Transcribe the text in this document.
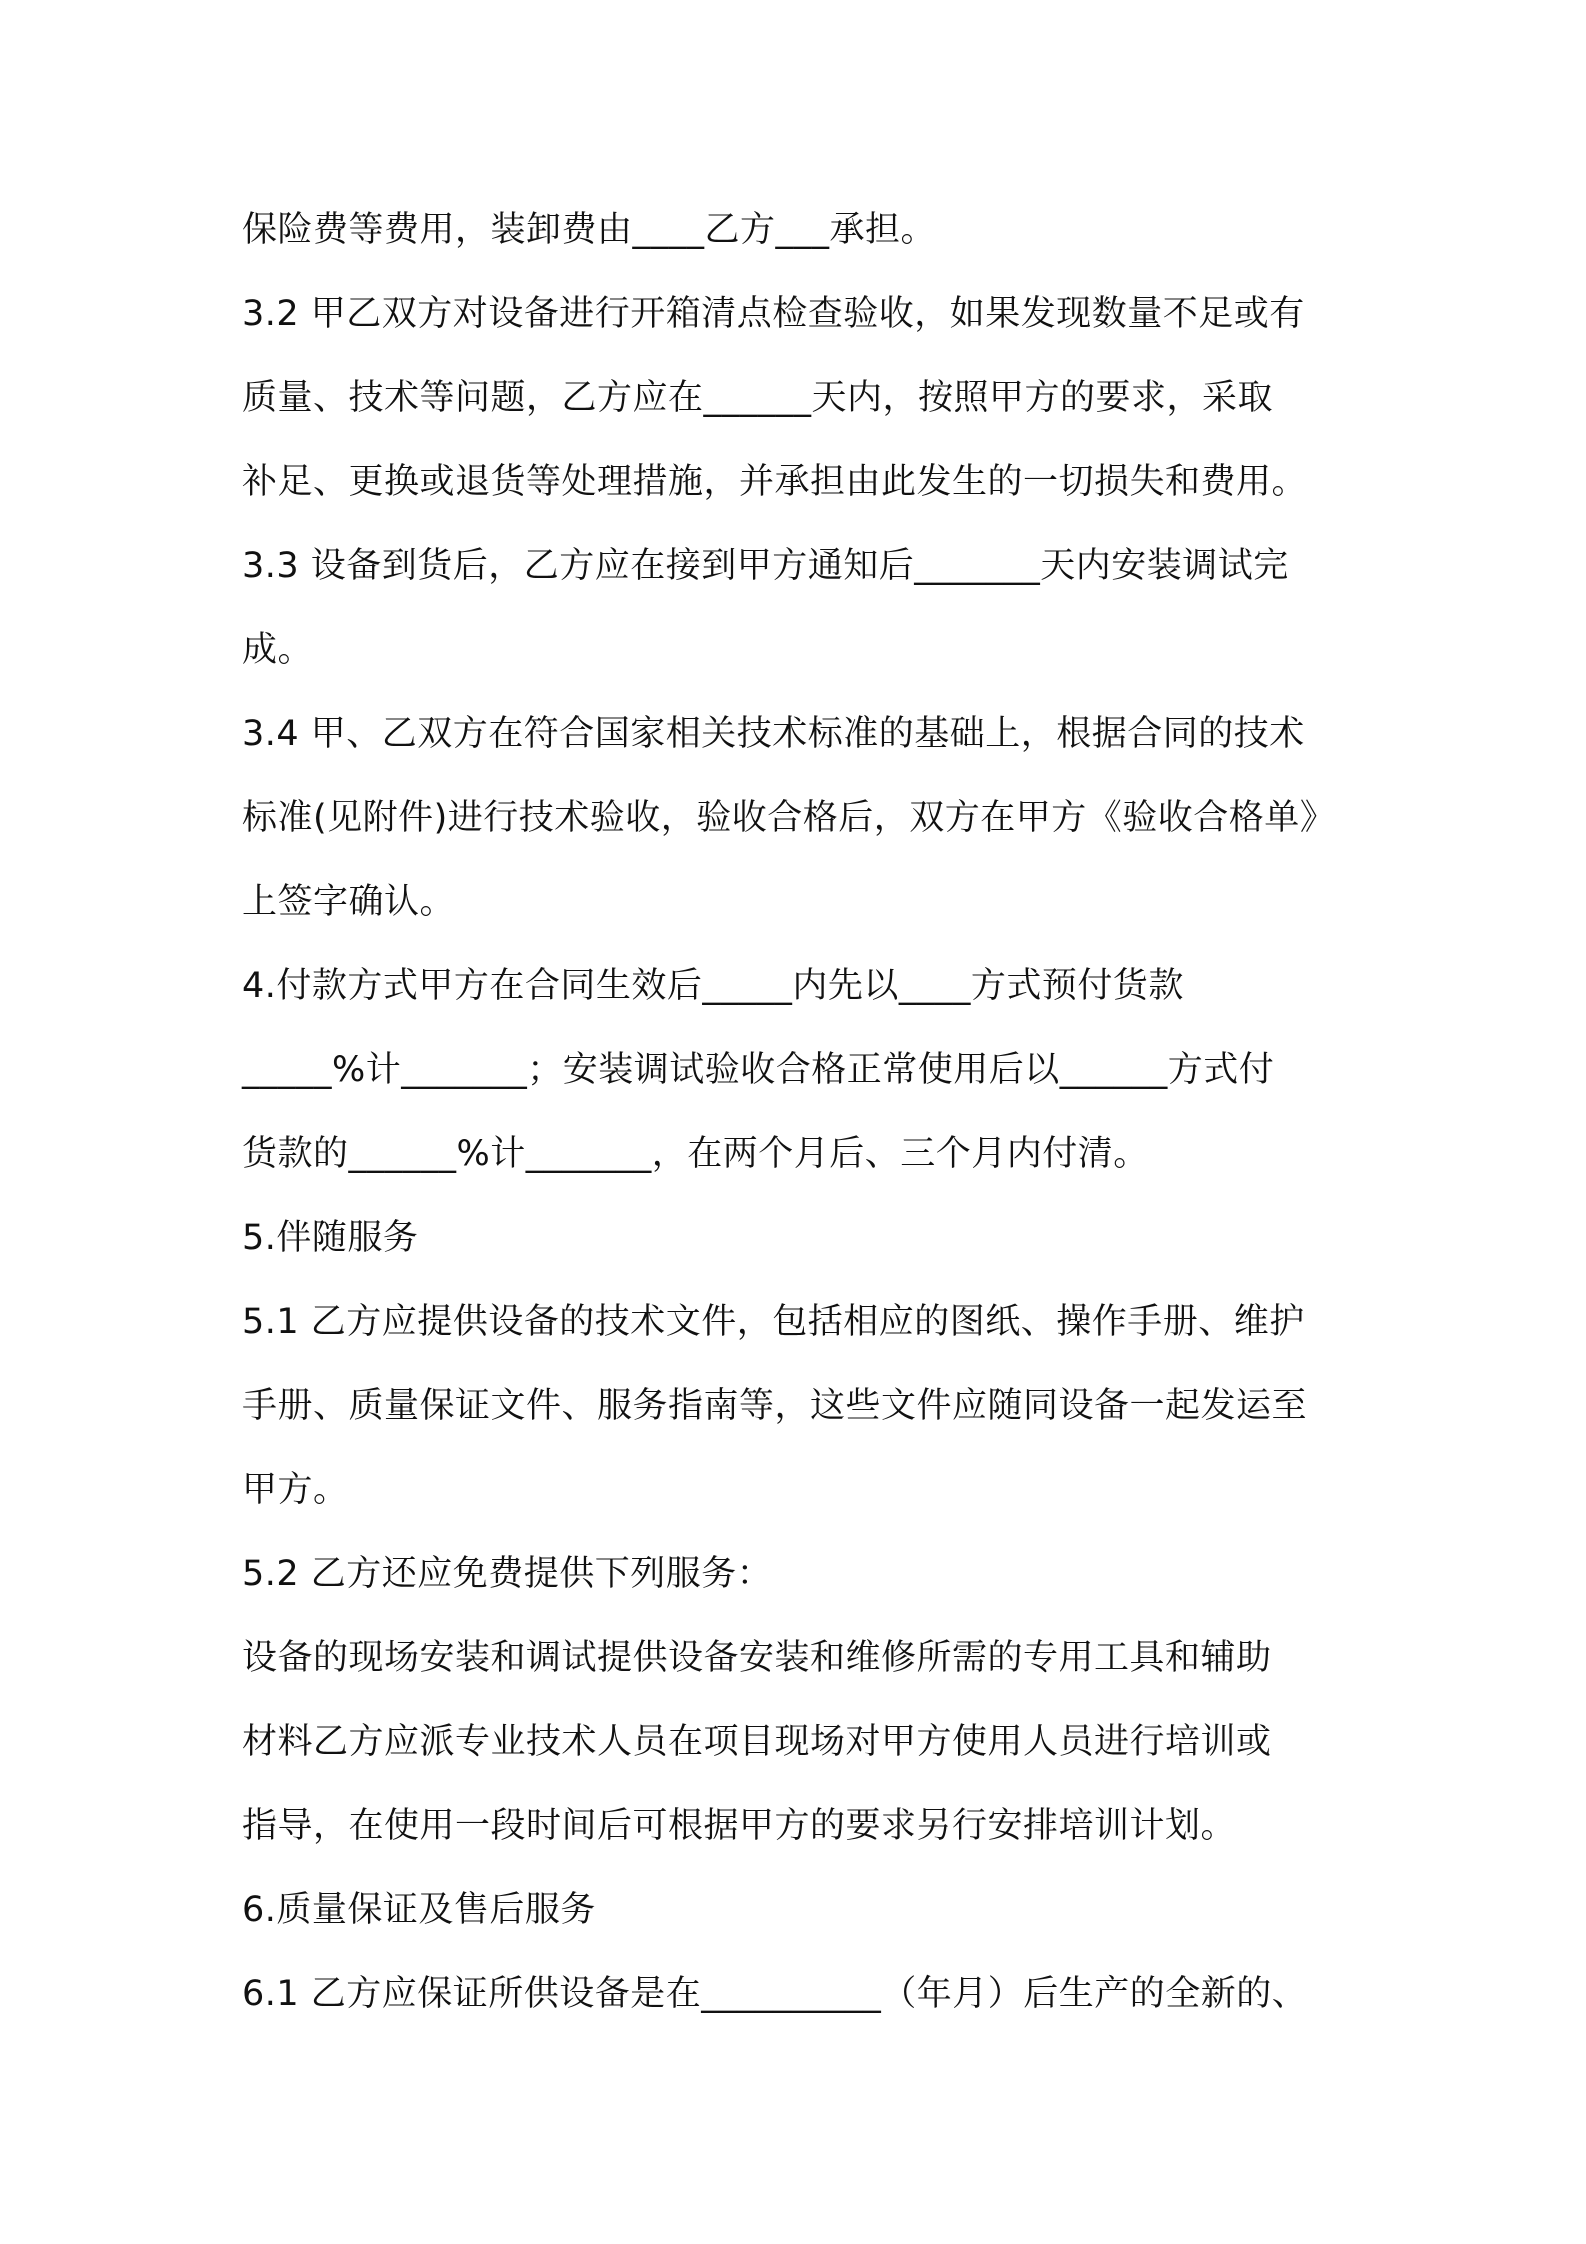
保险费等费用，装卸费由____乙方___承担。
3.2 甲乙双方对设备进行开箱清点检查验收，如果发现数量不足或有
质量、技术等问题，乙方应在______天内，按照甲方的要求，采取
补足、更换或退货等处理措施，并承担由此发生的一切损失和费用。
3.3 设备到货后，乙方应在接到甲方通知后_______天内安装调试完
成。
3.4 甲、乙双方在符合国家相关技术标准的基础上，根据合同的技术
标准(见附件)进行技术验收，验收合格后，双方在甲方《验收合格单》
上签字确认。
4.付款方式甲方在合同生效后_____内先以____方式预付货款
_____%计_______；安装调试验收合格正常使用后以______方式付
货款的______%计_______，在两个月后、三个月内付清。
5.伴随服务
5.1 乙方应提供设备的技术文件，包括相应的图纸、操作手册、维护
手册、质量保证文件、服务指南等，这些文件应随同设备一起发运至
甲方。
5.2 乙方还应免费提供下列服务：
设备的现场安装和调试提供设备安装和维修所需的专用工具和辅助
材料乙方应派专业技术人员在项目现场对甲方使用人员进行培训或
指导，在使用一段时间后可根据甲方的要求另行安排培训计划。
6.质量保证及售后服务
6.1 乙方应保证所供设备是在__________（年月）后生产的全新的、
